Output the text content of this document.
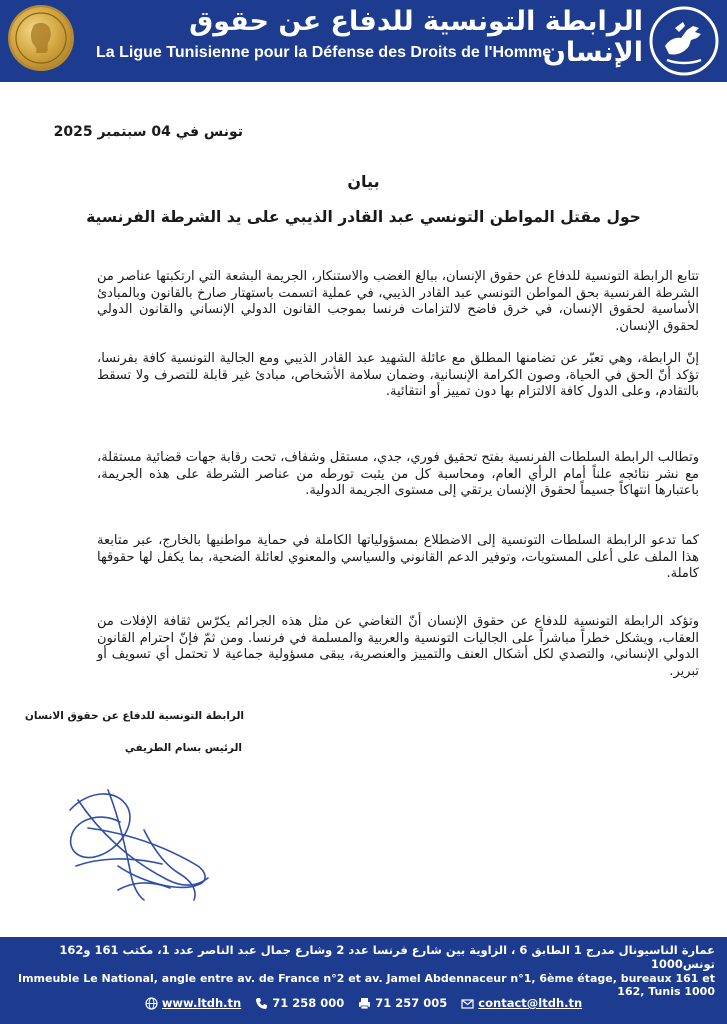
الرابطة التونسية للدفاع عن حقوق الإنسان
La Ligue Tunisienne pour la Défense des Droits de l'Homme
تونس في 04 سبتمبر 2025
بيان
حول مقتل المواطن التونسي عبد القادر الذيبي على يد الشرطة الفرنسية
تتابع الرابطة التونسية للدفاع عن حقوق الإنسان، ببالغ الغضب والاستنكار، الجريمة البشعة التي ارتكبتها عناصر من الشرطة الفرنسية بحق المواطن التونسي عبد القادر الذيبي، في عملية اتسمت باستهتار صارخ بالقانون وبالمبادئ الأساسية لحقوق الإنسان، في خرق فاضح لالتزامات فرنسا بموجب القانون الدولي الإنساني والقانون الدولي لحقوق الإنسان.
إنّ الرابطة، وهي تعبّر عن تضامنها المطلق مع عائلة الشهيد عبد القادر الذيبي ومع الجالية التونسية كافة بفرنسا، تؤكد أنّ الحق في الحياة، وصون الكرامة الإنسانية، وضمان سلامة الأشخاص، مبادئ غير قابلة للتصرف ولا تسقط بالتقادم، وعلى الدول كافة الالتزام بها دون تمييز أو انتقائية.
وتطالب الرابطة السلطات الفرنسية بفتح تحقيق فوري، جدي، مستقل وشفاف، تحت رقابة جهات قضائية مستقلة، مع نشر نتائجه علناً أمام الرأي العام، ومحاسبة كل من يثبت تورطه من عناصر الشرطة على هذه الجريمة، باعتبارها انتهاكاً جسيماً لحقوق الإنسان يرتقي إلى مستوى الجريمة الدولية.
كما تدعو الرابطة السلطات التونسية إلى الاضطلاع بمسؤولياتها الكاملة في حماية مواطنيها بالخارج، عبر متابعة هذا الملف على أعلى المستويات، وتوفير الدعم القانوني والسياسي والمعنوي لعائلة الضحية، بما يكفل لها حقوقها كاملة.
وتؤكد الرابطة التونسية للدفاع عن حقوق الإنسان أنّ التغاضي عن مثل هذه الجرائم يكرّس ثقافة الإفلات من العقاب، ويشكل خطراً مباشراً على الجاليات التونسية والعربية والمسلمة في فرنسا. ومن ثمّ فإنّ احترام القانون الدولي الإنساني، والتصدي لكل أشكال العنف والتمييز والعنصرية، يبقى مسؤولية جماعية لا تحتمل أي تسويف أو تبرير.
الرابطة التونسية للدفاع عن حقوق الانسان
الرئيس بسام الطريفي
عمارة الناسيونال مدرج 1 الطابق 6 ، الزاوية بين شارع فرنسا عدد 2 وشارع جمال عبد الناصر عدد 1، مكتب 161 و162 تونس1000
Immeuble Le National, angle entre av. de France n°2 et av. Jamel Abdennaceur n°1, 6ème étage, bureaux 161 et 162, Tunis 1000
www.ltdh.tn	71 258 000	71 257 005	contact@ltdh.tn
